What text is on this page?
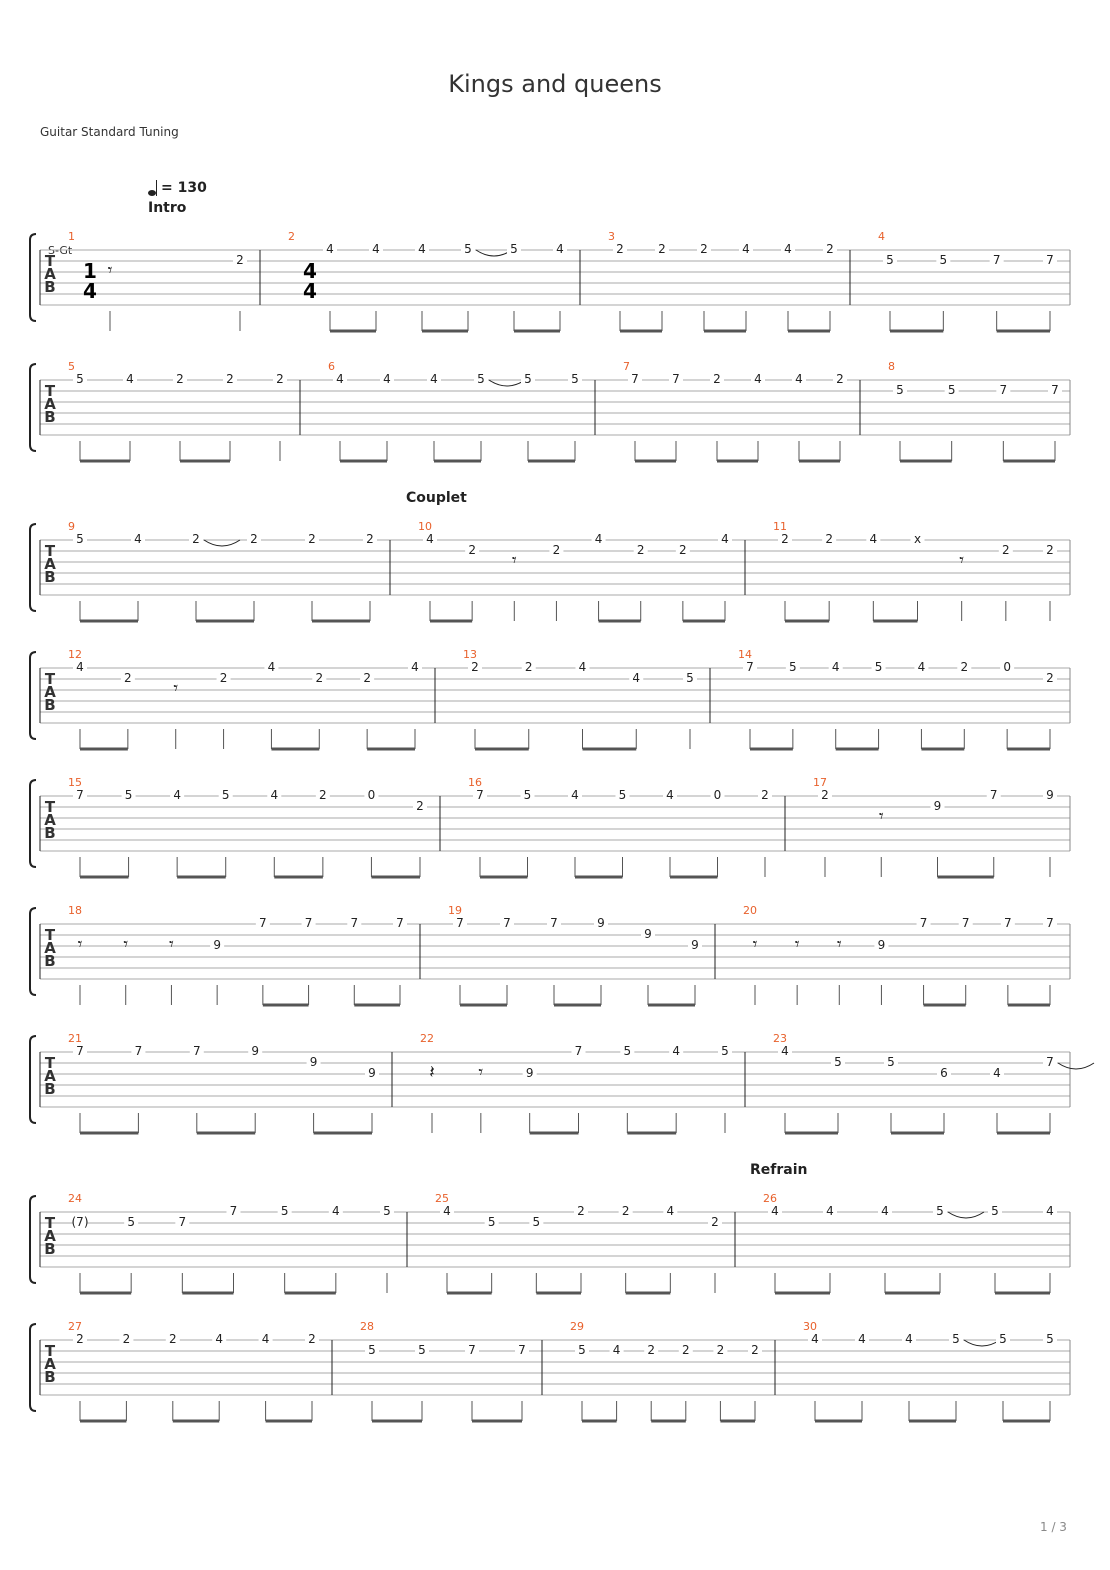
Kings and queens
Guitar Standard Tuning
= 130
S-Gt
Intro
Couplet
Refrain
T
A
B
1
1
4
𝄾	2
2
4
4
4	4	4	5	5	4
3
2	2	2	4	4	2
4
5	5	7	7
T
A
B
5
5	4	2	2	2
6
4	4	4	5	5	5
7
7	7	2	4	4	2
8
5	5	7	7
T
A
B
9
5	4	2	2	2	2
10
4
2 𝄾	2
4
2	2
4
11
2	2	4	x
𝄾	2	2
T
A
B
12
4
2 𝄾	2
4
2	2
4
13
2	2	4
4	5
14
7	5	4	5	4	2	0
2
T
A
B
15
7	5	4	5	4	2	0
2
16
7	5	4	5	4	0	2
17
2
𝄾	9
7	9
T
A
B
18
𝄾 𝄾 𝄾	9
7	7	7	7
19
7	7	7	9
9
9
20
𝄾 𝄾 𝄾	9
7	7	7	7
T
A
B
21
7	7	7	9
9
9
22
𝄽 𝄾	9
7	5	4	5
23
4
5	5
6	4
7
T
A
B
24
(7)	5	7
7	5	4	5
25
4
5	5
2	2	4
2
26
4	4	4	5	5	4
T
A
B
27
2	2	2	4	4	2
28
5	5	7	7
29
5 4 2 2 2 2
30
4	4	4	5	5	5
1 / 3
